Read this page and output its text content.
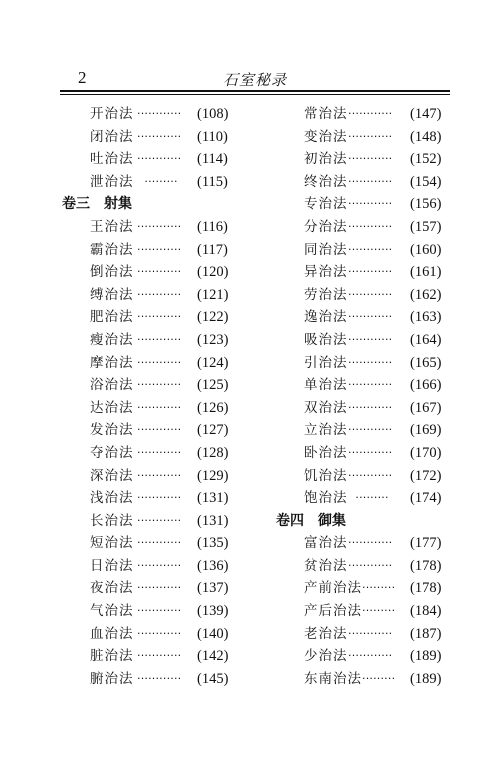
2	石室秘录
开治法 ············ (108)
闭治法 ············ (110)
吐治法 ············ (114)
泄治法 ········· (115)
卷三 射集
王治法 ············ (116)
霸治法 ············ (117)
倒治法 ············ (120)
缚治法 ············ (121)
肥治法 ············ (122)
瘦治法 ············ (123)
摩治法 ············ (124)
浴治法 ············ (125)
达治法 ············ (126)
发治法 ············ (127)
夺治法 ············ (128)
深治法 ············ (129)
浅治法 ············ (131)
长治法 ············ (131)
短治法 ············ (135)
日治法 ············ (136)
夜治法 ············ (137)
气治法 ············ (139)
血治法 ············ (140)
脏治法 ············ (142)
腑治法 ············ (145)
常治法 ············ (147)
变治法 ············ (148)
初治法 ············ (152)
终治法 ············ (154)
专治法 ············ (156)
分治法 ············ (157)
同治法 ············ (160)
异治法 ············ (161)
劳治法 ············ (162)
逸治法 ············ (163)
吸治法 ············ (164)
引治法 ············ (165)
单治法 ············ (166)
双治法 ············ (167)
立治法 ············ (169)
卧治法 ············ (170)
饥治法 ············ (172)
饱治法 ········· (174)
卷四 御集
富治法 ············ (177)
贫治法 ············ (178)
产前治法 ········· (178)
产后治法 ········· (184)
老治法 ············ (187)
少治法 ············ (189)
东南治法 ········· (189)
